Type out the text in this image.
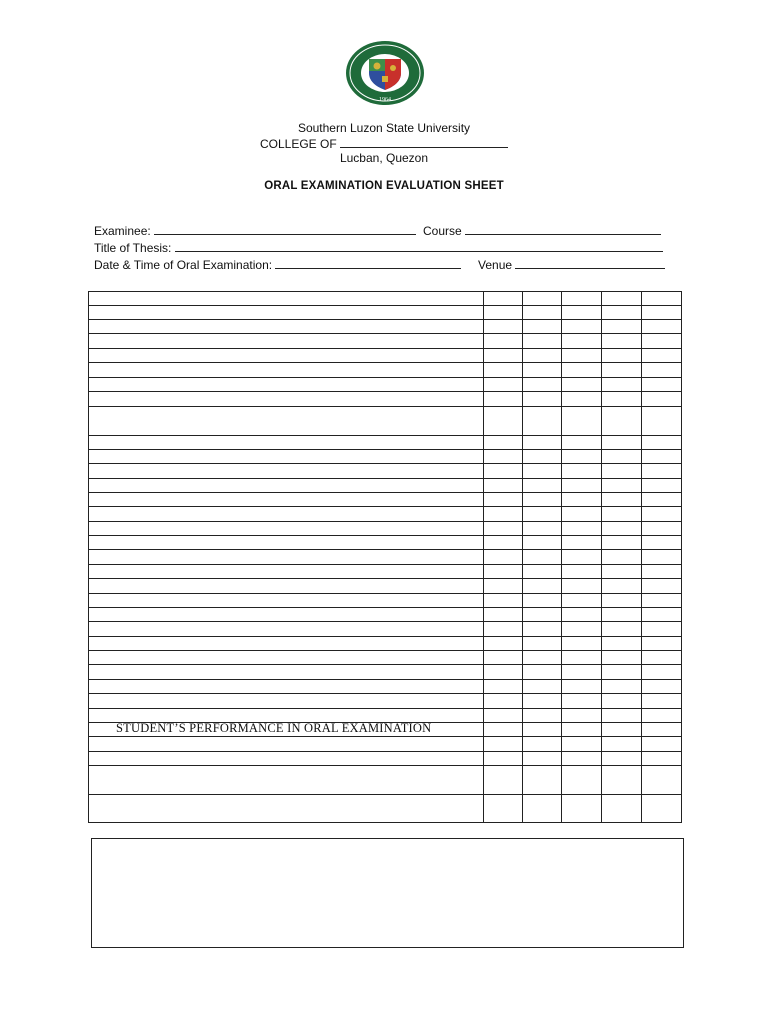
1964
Southern Luzon State University
COLLEGE OF
Lucban, Quezon
ORAL EXAMINATION EVALUATION SHEET
Examinee:	Course
Title of Thesis:
Date & Time of Oral Examination:	Venue
STUDENT’S PERFORMANCE IN ORAL EXAMINATION
